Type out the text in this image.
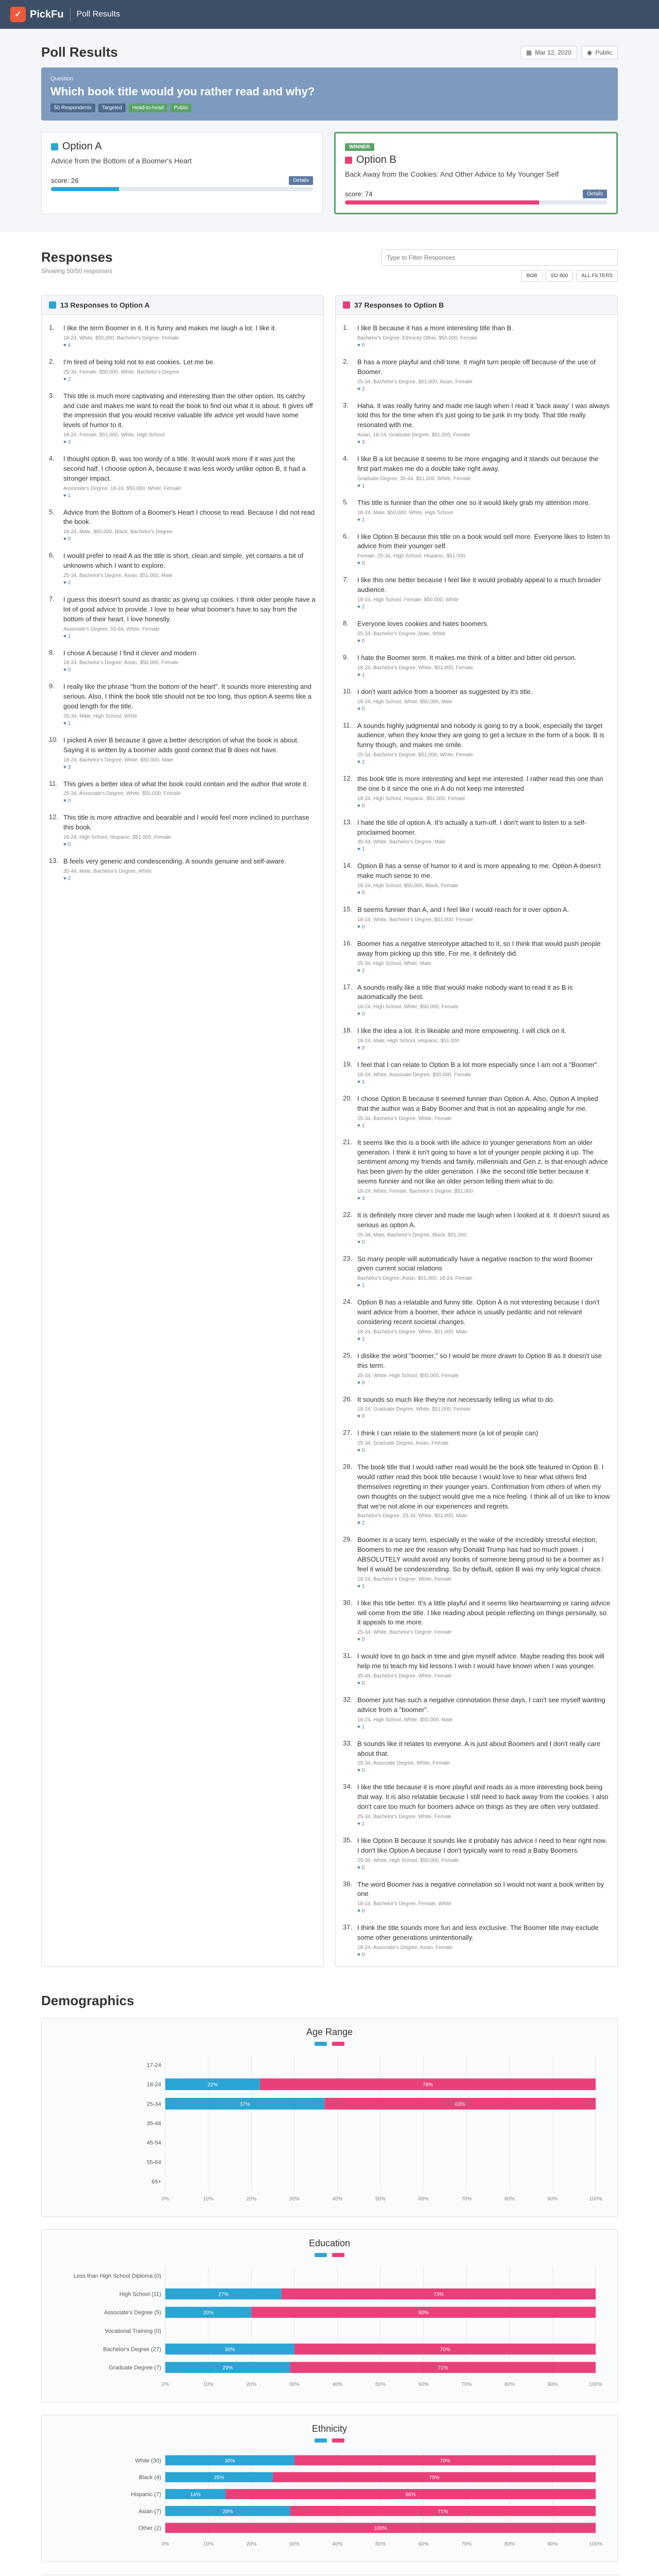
✓ PickFu Poll Results
Poll Results	▦ Mar 12, 2020	◉ Public
Question
Which book title would you rather read and why?
50 Respondents	Targeted	Head-to-head	Public
Option A
Advice from the Bottom of a Boomer's Heart
score: 26	Details
WINNER
Option B
Back Away from the Cookies: And Other Advice to My Younger Self
score: 74	Details
Responses
Showing 50/50 responses
Type to Filter Responses
BOB	SO 800	ALL FILTERS
13 Responses to Option A
1.	I like the term Boomer in it. It is funny and makes me laugh a lot. I like it.
18-24, White, $50,000, Bachelor's Degree, Female
♥ 4
2.	I'm tired of being told not to eat cookies. Let me be.
25-34, Female, $50,000, White, Bachelor's Degree
♥ 2
3.	This title is much more captivating and interesting than the other option. Its catchy and cute and makes me want to read the book to find out what it is about. It gives off the impression that you would receive valuable life advice yet would have some levels of humor to it.
18-24, Female, $51,000, White, High School
♥ 3
4.	I thought option B, was too wordy of a title. It would work more if it was just the second half. I choose option A, because it was less wordy unlike option B, it had a stronger impact.
Associate's Degree, 18-24, $50,000, White, Female
♥ 1
5.	Advice from the Bottom of a Boomer's Heart I choose to read. Because I did not read the book.
18-24, Male, $50,000, Black, Bachelor's Degree
♥ 0
6.	I would prefer to read A as the title is short, clean and simple, yet contains a bit of unknowns which I want to explore.
25-34, Bachelor's Degree, Asian, $51,000, Male
♥ 2
7.	I guess this doesn't sound as drastic as giving up cookies. I think older people have a lot of good advice to provide. I love to hear what boomer's have to say from the bottom of their heart. I love honestly.
Associate's Degree, 55-64, White, Female
♥ 1
8.	I chose A because I find it clever and modern
18-24, Bachelor's Degree, Asian, $50,000, Female
♥ 0
9.	I really like the phrase "from the bottom of the heart". It sounds more interesting and serious. Also, I think the book title should not be too long, thus option A seems like a good length for the title.
25-34, Male, High School, White
♥ 1
10. I picked A over B because it gave a better description of what the book is about. Saying it is written by a boomer adds good context that B does not have.
18-24, Bachelor's Degree, White, $50,000, Male
♥ 3
11. This gives a better idea of what the book could contain and the author that wrote it.
25-34, Associate's Degree, White, $50,000, Female
♥ 0
12. This title is more attractive and bearable and I would feel more inclined to purchase this book.
18-24, High School, Hispanic, $51,000, Female
♥ 0
13. B feels very generic and condescending. A sounds genuine and self-aware.
35-44, Male, Bachelor's Degree, White
♥ 2
37 Responses to Option B
1.	I like B because it has a more interesting title than B.
Bachelor's Degree, Ethnicity Other, $50,000, Female
♥ 0
2.	B has a more playful and chill tone. It might turn people off because of the use of Boomer.
25-34, Bachelor's Degree, $51,000, Asian, Female
♥ 2
3.	Haha. It was really funny and made me laugh when I read it 'back away' I was always told this for the time when it's just going to be junk in my body. That title really resonated with me.
Asian, 18-24, Graduate Degree, $51,000, Female
♥ 3
4.	I like B a lot because it seems to be more engaging and it stands out because the first part makes me do a double take right away.
Graduate Degree, 35-44, $51,000, White, Female
♥ 1
5.	This title is funnier than the other one so it would likely grab my attention more.
18-24, Male, $50,000, White, High School
♥ 1
6.	I like Option B because this title on a book would sell more. Everyone likes to listen to advice from their younger self.
Female, 25-34, High School, Hispanic, $51,000
♥ 0
7.	I like this one better because I feel like it would probably appeal to a much broader audience.
18-24, High School, Female, $50,000, White
♥ 2
8.	Everyone loves cookies and hates boomers.
25-34, Bachelor's Degree, Male, White
♥ 0
9.	I hate the Boomer term. It makes me think of a bitter and bitter old person.
18-24, Bachelor's Degree, White, $51,000, Female
♥ 1
10. I don't want advice from a boomer as suggested by it's title.
18-24, High School, White, $50,000, Male
♥ 0
11. A sounds highly judgmental and nobody is going to try a book, especially the target audience, when they know they are going to get a lecture in the form of a book. B is funny though, and makes me smile.
25-34, Bachelor's Degree, $51,000, White, Female
♥ 2
12. this book title is more interesting and kept me interested. I rather read this one than the one b it since the one in A do not keep me interested
18-24, High School, Hispanic, $51,000, Female
♥ 0
13. I hate the title of option A. It's actually a turn-off. I don't want to listen to a self-proclaimed boomer.
35-44, White, Bachelor's Degree, Male
♥ 1
14. Option B has a sense of humor to it and is more appealing to me. Option A doesn't make much sense to me.
18-24, High School, $50,000, Black, Female
♥ 0
15. B seems funnier than A, and I feel like I would reach for it over option A.
18-24, White, Bachelor's Degree, $51,000, Female
♥ 0
16. Boomer has a negative stereotype attached to it, so I think that would push people away from picking up this title. For me, it definitely did.
25-34, High School, White, Male
♥ 2
17. A sounds really like a title that would make nobody want to read it as B is automatically the best.
18-24, High School, White, $50,000, Female
♥ 0
18. I like the idea a lot. It is likeable and more empowering. I will click on it.
18-24, Male, High School, Hispanic, $51,000
♥ 0
19. I feel that I can relate to Option B a lot more especially since I am not a "Boomer".
18-24, White, Associate Degree, $50,000, Female
♥ 1
20. I chose Option B because it seemed funnier than Option A. Also, Option A implied that the author was a Baby Boomer and that is not an appealing angle for me.
25-34, Bachelor's Degree, White, Female
♥ 1
21. It seems like this is a book with life advice to younger generations from an older generation. I think it isn't going to have a lot of younger people picking it up. The sentiment among my friends and family, millennials and Gen z, is that enough advice has been given by the older generation. I like the second title better because it seems funnier and not like an older person telling them what to do.
18-24, White, Female, Bachelor's Degree, $51,000
♥ 3
22. It is definitely more clever and made me laugh when I looked at it. It doesn't sound as serious as option A.
25-34, Male, Bachelor's Degree, Black, $51,000
♥ 0
23. So many people will automatically have a negative reaction to the word Boomer given current social relations
Bachelor's Degree, Asian, $51,000, 18-24, Female
♥ 1
24. Option B has a relatable and funny title. Option A is not interesting because I don't want advice from a boomer, their advice is usually pedantic and not relevant considering recent societal changes.
18-24, Bachelor's Degree, White, $51,000, Male
♥ 1
25. I dislike the word "boomer," so I would be more drawn to Option B as it doesn't use this term.
25-34, White, High School, $50,000, Female
♥ 0
26. It sounds so much like they're not necessarily telling us what to do.
18-24, Graduate Degree, White, $51,000, Female
♥ 0
27. I think I can relate to the statement more (a lot of people can)
25-34, Graduate Degree, Asian, Female
♥ 0
28. The book title that I would rather read would be the book title featured in Option B. I would rather read this book title because I would love to hear what others find themselves regretting in their younger years. Confirmation from others of when my own thoughts on the subject would give me a nice feeling. I think all of us like to know that we're not alone in our experiences and regrets.
Bachelor's Degree, 25-34, White, $51,000, Male
♥ 2
29. Boomer is a scary term, especially in the wake of the incredibly stressful election, Boomers to me are the reason why Donald Trump has had so much power. I ABSOLUTELY would avoid any books of someone being proud to be a boomer as I feel it would be condescending. So by default, option B was my only logical choice.
18-24, Bachelor's Degree, White, Female
♥ 1
30. I like this title better. It's a little playful and it seems like heartwarming or caring advice will come from the title. I like reading about people reflecting on things personally, so it appeals to me more.
25-34, White, Bachelor's Degree, Female
♥ 0
31. I would love to go back in time and give myself advice. Maybe reading this book will help me to teach my kid lessons I wish I would have known when I was younger.
35-44, Bachelor's Degree, White, Female
♥ 0
32. Boomer just has such a negative connotation these days, I can't see myself wanting advice from a "boomer".
18-24, High School, White, $50,000, Male
♥ 1
33. B sounds like it relates to everyone. A is just about Boomers and I don't really care about that.
25-34, Associate Degree, White, Female
♥ 0
34. I like the title because it is more playful and reads as a more interesting book being that way. It is also relatable because I still need to back away from the cookies. I also don't care too much for boomers advice on things as they are often very outdated.
25-34, Bachelor's Degree, White, Female
♥ 1
35. I like Option B because it sounds like it probably has advice I need to hear right now. I don't like Option A because I don't typically want to read a Baby Boomers.
25-34, White, High School, $50,000, Female
♥ 0
36. The word Boomer has a negative connotation so I would not want a book written by one
18-24, Bachelor's Degree, Female, White
♥ 0
37. I think the title sounds more fun and less exclusive. The Boomer title may exclude some other generations unintentionally.
18-24, Associate's Degree, Asian, Female
♥ 0
Demographics
Age Range
0%	10%	20%	30%	40%	50%	60%	70%	80%	90%	100%
17-24
18-24	22%	78%
25-34	37%	63%
35-44
45-54
55-64
65+
Education
0%	10%	20%	30%	40%	50%	60%	70%	80%	90%	100%
Less than High School Diploma (0)
High School (11)	27%	73%
Associate's Degree (5)	20%	80%
Vocational Training (0)
Bachelor's Degree (27)	30%	70%
Graduate Degree (7)	29%	71%
Ethnicity
0%	10%	20%	30%	40%	50%	60%	70%	80%	90%	100%
White (30)	30%	70%
Black (4)	25%	75%
Hispanic (7)	14%	86%
Asian (7)	29%	71%
Other (2)	100%
